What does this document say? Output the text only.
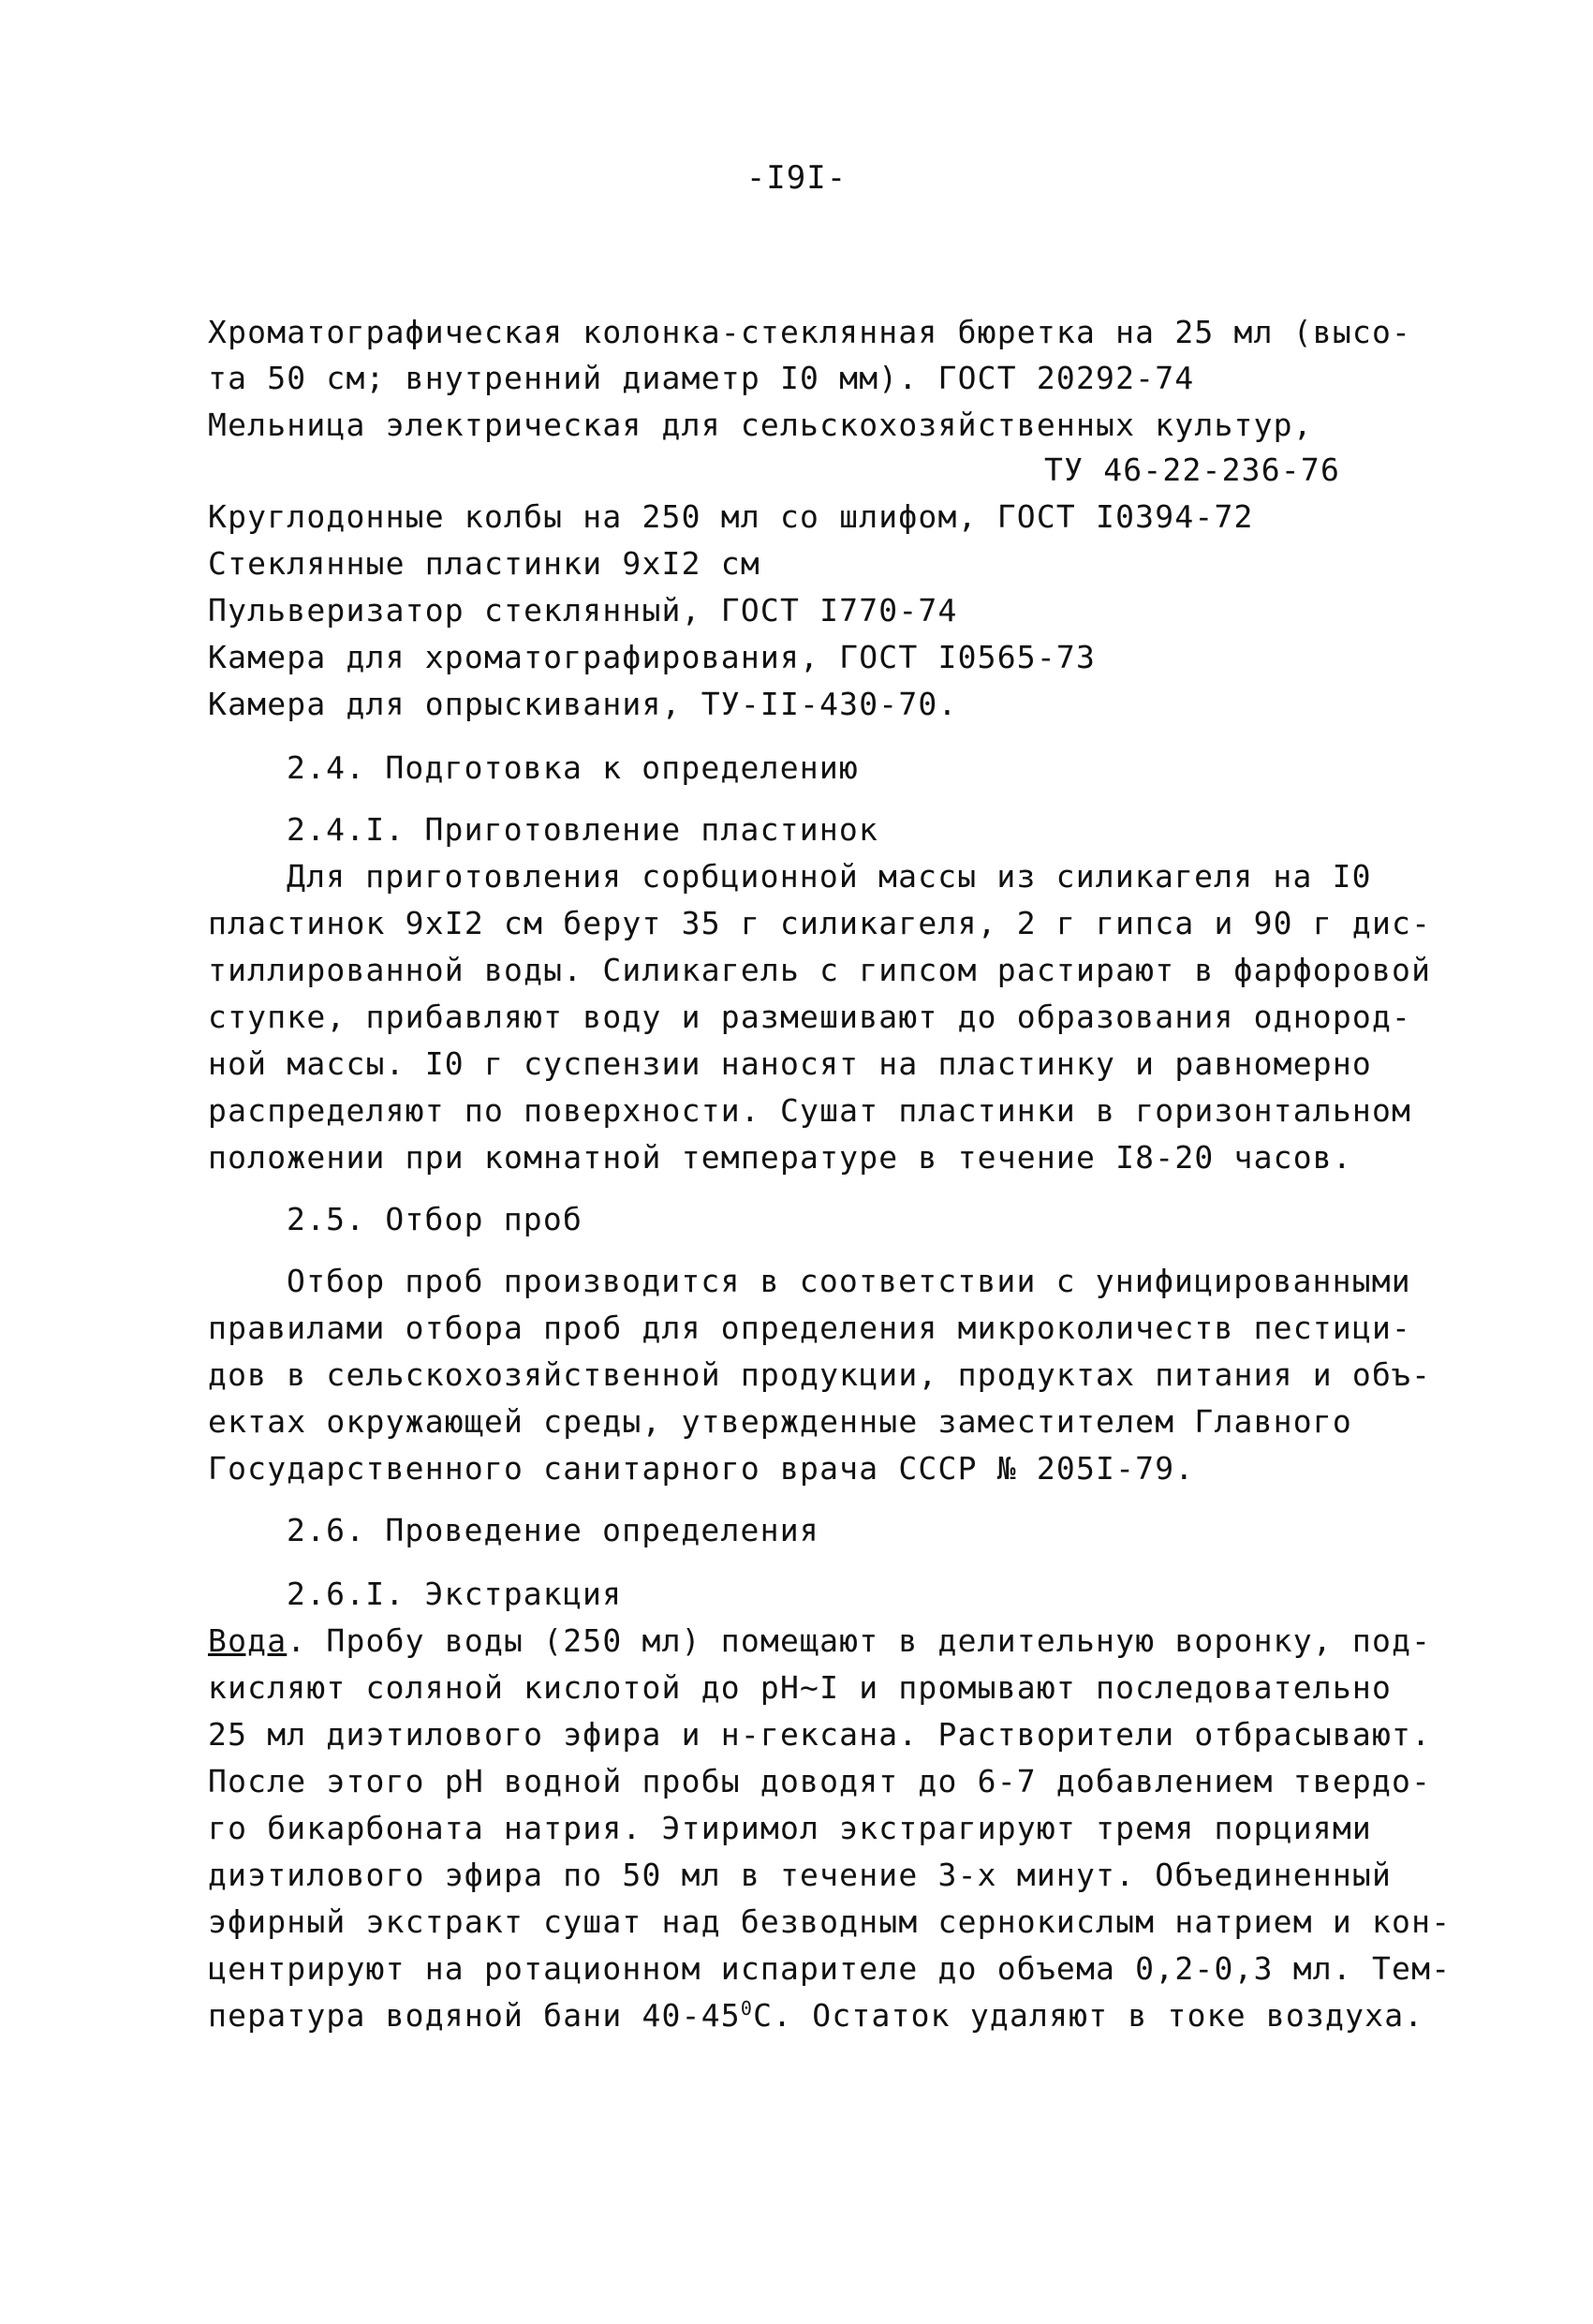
-I9I-
Хроматографическая колонка-стеклянная бюретка на 25 мл (высо-
та 50 см; внутренний диаметр I0 мм). ГОСТ 20292-74
Мельница электрическая для сельскохозяйственных культур,
ТУ 46-22-236-76
Круглодонные колбы на 250 мл со шлифом, ГОСТ I0394-72
Стеклянные пластинки 9xI2 см
Пульверизатор стеклянный, ГОСТ I770-74
Камера для хроматографирования, ГОСТ I0565-73
Камера для опрыскивания, ТУ-II-430-70.
2.4. Подготовка к определению
2.4.I. Приготовление пластинок
Для приготовления сорбционной массы из силикагеля на I0
пластинок 9xI2 см берут 35 г силикагеля, 2 г гипса и 90 г дис-
тиллированной воды. Силикагель с гипсом растирают в фарфоровой
ступке, прибавляют воду и размешивают до образования однород-
ной массы. I0 г суспензии наносят на пластинку и равномерно
распределяют по поверхности. Сушат пластинки в горизонтальном
положении при комнатной температуре в течение I8-20 часов.
2.5. Отбор проб
Отбор проб производится в соответствии с унифицированными
правилами отбора проб для определения микроколичеств пестици-
дов в сельскохозяйственной продукции, продуктах питания и объ-
ектах окружающей среды, утвержденные заместителем Главного
Государственного санитарного врача СССР № 205I-79.
2.6. Проведение определения
2.6.I. Экстракция
Вода. Пробу воды (250 мл) помещают в делительную воронку, под-
кисляют соляной кислотой до pH~I и промывают последовательно
25 мл диэтилового эфира и н-гексана. Растворители отбрасывают.
После этого pH водной пробы доводят до 6-7 добавлением твердо-
го бикарбоната натрия. Этиримол экстрагируют тремя порциями
диэтилового эфира по 50 мл в течение 3-х минут. Объединенный
эфирный экстракт сушат над безводным сернокислым натрием и кон-
центрируют на ротационном испарителе до объема 0,2-0,3 мл. Тем-
пература водяной бани $40-45^0С$. Остаток удаляют в токе воздуха.
